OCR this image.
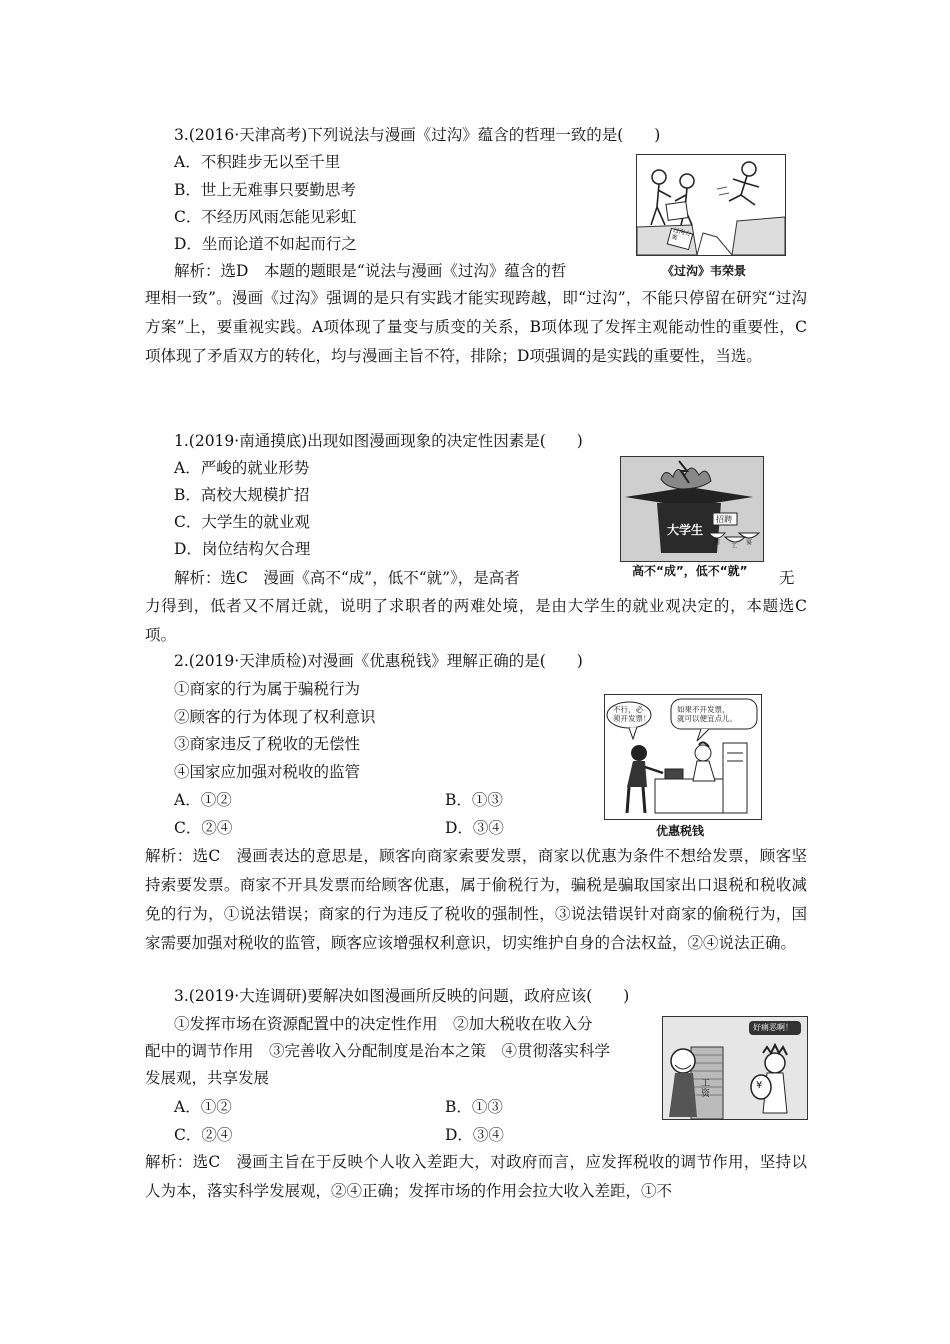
3.(2016·天津高考)下列说法与漫画《过沟》蕴含的哲理一致的是(　　)
A．不积跬步无以至千里
B．世上无难事只要勤思考
C．不经历风雨怎能见彩虹
D．坐而论道不如起而行之
解析：选D　本题的题眼是“说法与漫画《过沟》蕴含的哲
理相一致”。漫画《过沟》强调的是只有实践才能实现跨越，即“过沟”，不能只停留在研究“过沟方案”上，要重视实践。A项体现了量变与质变的关系，B项体现了发挥主观能动性的重要性，C项体现了矛盾双方的转化，均与漫画主旨不符，排除；D项强调的是实践的重要性，当选。
过沟方案
《过沟》韦荣景
1.(2019·南通摸底)出现如图漫画现象的决定性因素是(　　)
A．严峻的就业形势
B．高校大规模扩招
C．大学生的就业观
D．岗位结构欠合理
解析：选C　漫画《高不“成”，低不“就”》，是高者	无
力得到，低者又不屑迁就，说明了求职者的两难处境，是由大学生的就业观决定的，本题选C项。
大学生
招聘
用
工
宴
高不“成”，低不“就”
2.(2019·天津质检)对漫画《优惠税钱》理解正确的是(　　)
①商家的行为属于骗税行为
②顾客的行为体现了权利意识
③商家违反了税收的无偿性
④国家应加强对税收的监管
A．①②	B．①③
C．②④	D．③④
解析：选C　漫画表达的意思是，顾客向商家索要发票，商家以优惠为条件不想给发票，顾客坚持索要发票。商家不开具发票而给顾客优惠，属于偷税行为，骗税是骗取国家出口退税和税收减免的行为，①说法错误；商家的行为违反了税收的强制性，③说法错误针对商家的偷税行为，国家需要加强对税收的监管，顾客应该增强权利意识，切实维护自身的合法权益，②④说法正确。
不行，必
须开发票！
如果不开发票，
就可以便宜点儿。
优惠税钱
3.(2019·大连调研)要解决如图漫画所反映的问题，政府应该(　　)
①发挥市场在资源配置中的决定性作用　②加大税收在收入分
配中的调节作用　③完善收入分配制度是治本之策　④贯彻落实科学
发展观，共享发展
A．①②	B．①③
C．②④	D．③④
解析：选C　漫画主旨在于反映个人收入差距大，对政府而言，应发挥税收的调节作用，坚持以人为本，落实科学发展观，②④正确；发挥市场的作用会拉大收入差距，①不
好痛恶啊！
工
资
¥
